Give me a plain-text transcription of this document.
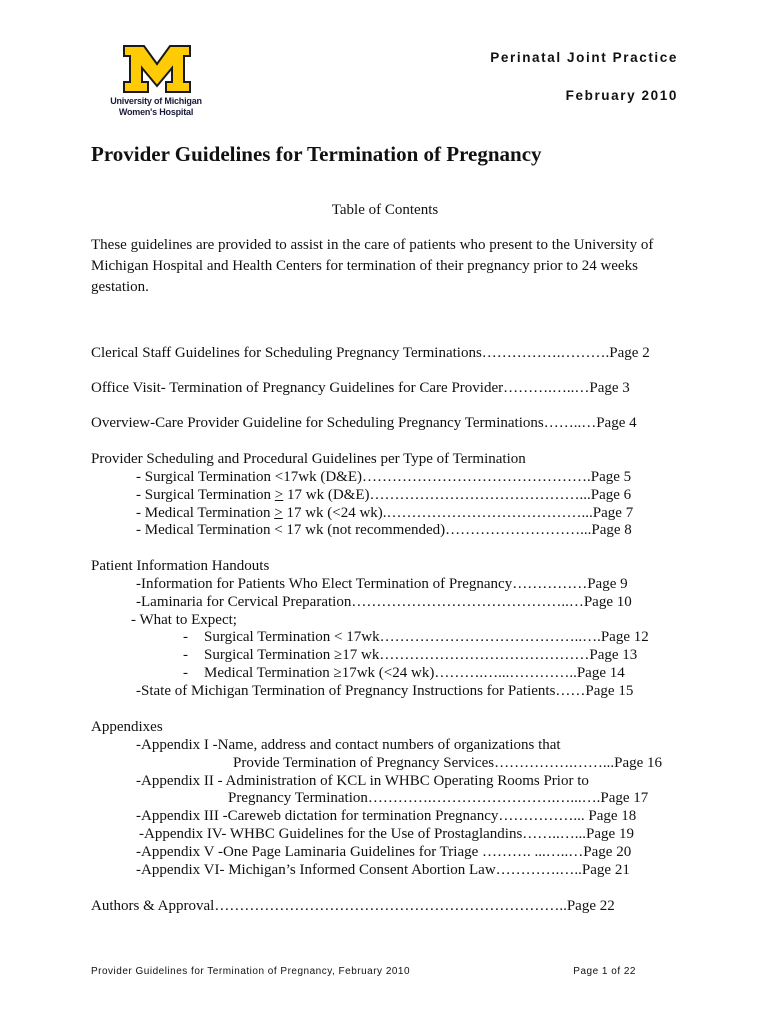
University of Michigan
Women's Hospital
Perinatal Joint Practice
February 2010
Provider Guidelines for Termination of Pregnancy
Table of Contents
These guidelines are provided to assist in the care of patients who present to the University of
Michigan Hospital and Health Centers for termination of their pregnancy prior to 24 weeks
gestation.
Clerical Staff Guidelines for Scheduling Pregnancy Terminations…………….……….Page 2
Office Visit- Termination of Pregnancy Guidelines for Care Provider……….…..…Page 3
Overview-Care Provider Guideline for Scheduling Pregnancy Terminations……..…Page 4
Provider Scheduling and Procedural Guidelines per Type of Termination
- Surgical Termination <17wk (D&E)……………………………………….Page 5
- Surgical Termination ≥ 17 wk (D&E)……………………………………...Page 6
- Medical Termination ≥ 17 wk (<24 wk).…………………………………...Page 7
- Medical Termination < 17 wk (not recommended)………………………...Page 8
Patient Information Handouts
-Information for Patients Who Elect Termination of Pregnancy……………Page 9
-Laminaria for Cervical Preparation……………………………………..…Page 10
- What to Expect;
- Surgical Termination < 17wk…………………………………..….Page 12
- Surgical Termination ≥17 wk……………………………………Page 13
- Medical Termination ≥17wk (<24 wk)……….…...…………..Page 14
-State of Michigan Termination of Pregnancy Instructions for Patients……Page 15
Appendixes
-Appendix I -Name, address and contact numbers of organizations that
Provide Termination of Pregnancy Services…………….……...Page 16
-Appendix II - Administration of KCL in WHBC Operating Rooms Prior to
Pregnancy Termination………….…………………….…...….Page 17
-Appendix III -Careweb dictation for termination Pregnancy……………... Page 18
-Appendix IV- WHBC Guidelines for the Use of Prostaglandins……..…...Page 19
-Appendix V -One Page Laminaria Guidelines for Triage ………. ...…..…Page 20
-Appendix VI- Michigan’s Informed Consent Abortion Law………….…..Page 21
Authors & Approval……………………………………………………………..Page 22
Provider Guidelines for Termination of Pregnancy, February 2010	Page 1 of 22
